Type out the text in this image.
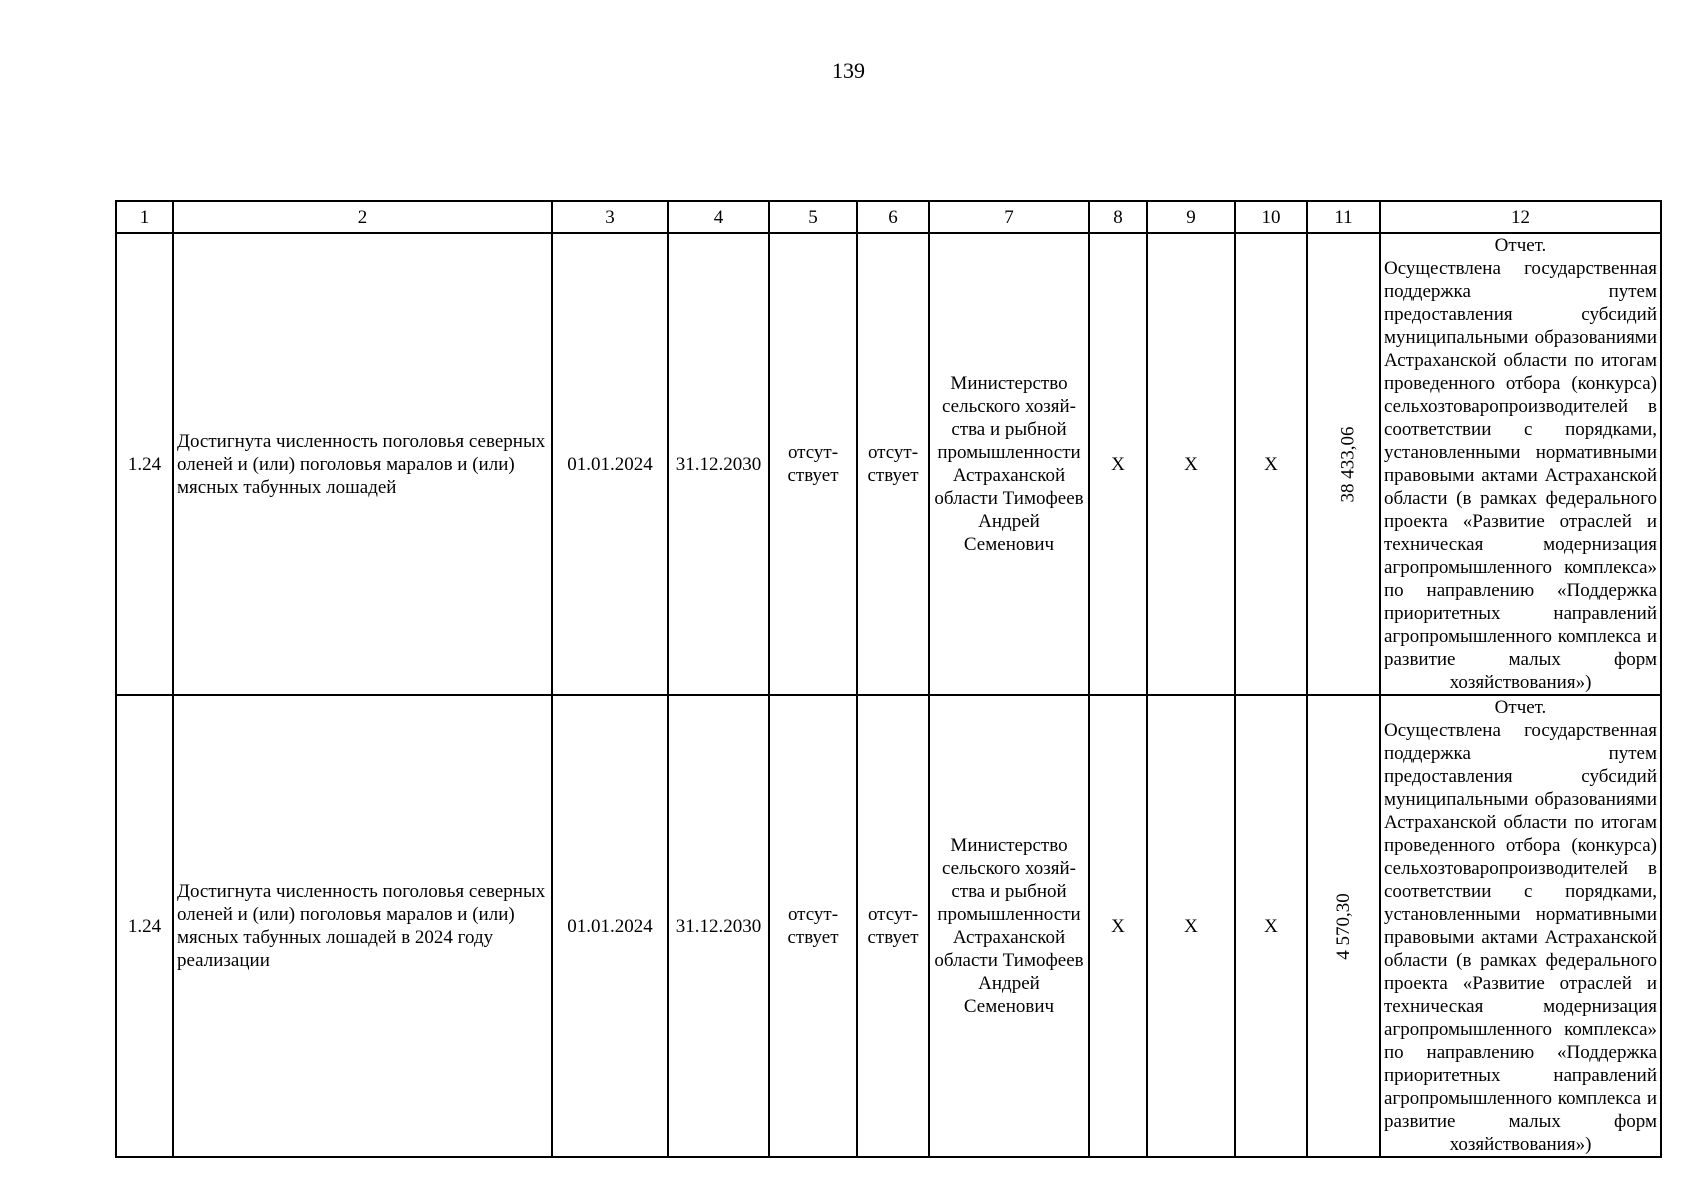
139
1	2	3	4	5	6	7	8	9	10	11	12
1.24	Достигнута численность поголовья северных оленей и (или) поголовья маралов и (или) мясных табунных лошадей	01.01.2024	31.12.2030	отсут-ствует	отсут-ствует	Министерство сельского хозяй-ства и рыбной промышленности Астраханской области Тимофеев Андрей Семенович	Х	Х	Х	38 433,06	Отчет.
Осуществлена государственная поддержка путем предоставления субсидий муниципальными образованиями Астраханской области по итогам проведенного отбора (конкурса) сельхозтоваропроизводителей в соответствии с порядками, установленными нормативными правовыми актами Астраханской области (в рамках федерального проекта «Развитие отраслей и техническая модернизация агропромышленного комплекса» по направлению «Поддержка приоритетных направлений агропромышленного комплекса и развитие малых форм хозяйствования»)

1.24	Достигнута численность поголовья северных оленей и (или) поголовья маралов и (или) мясных табунных лошадей в 2024 году реализации	01.01.2024	31.12.2030	отсут-ствует	отсут-ствует	Министерство сельского хозяй-ства и рыбной промышленности Астраханской области Тимофеев Андрей Семенович	Х	Х	Х	4 570,30	Отчет.
Осуществлена государственная поддержка путем предоставления субсидий муниципальными образованиями Астраханской области по итогам проведенного отбора (конкурса) сельхозтоваропроизводителей в соответствии с порядками, установленными нормативными правовыми актами Астраханской области (в рамках федерального проекта «Развитие отраслей и техническая модернизация агропромышленного комплекса» по направлению «Поддержка приоритетных направлений агропромышленного комплекса и развитие малых форм хозяйствования»)
